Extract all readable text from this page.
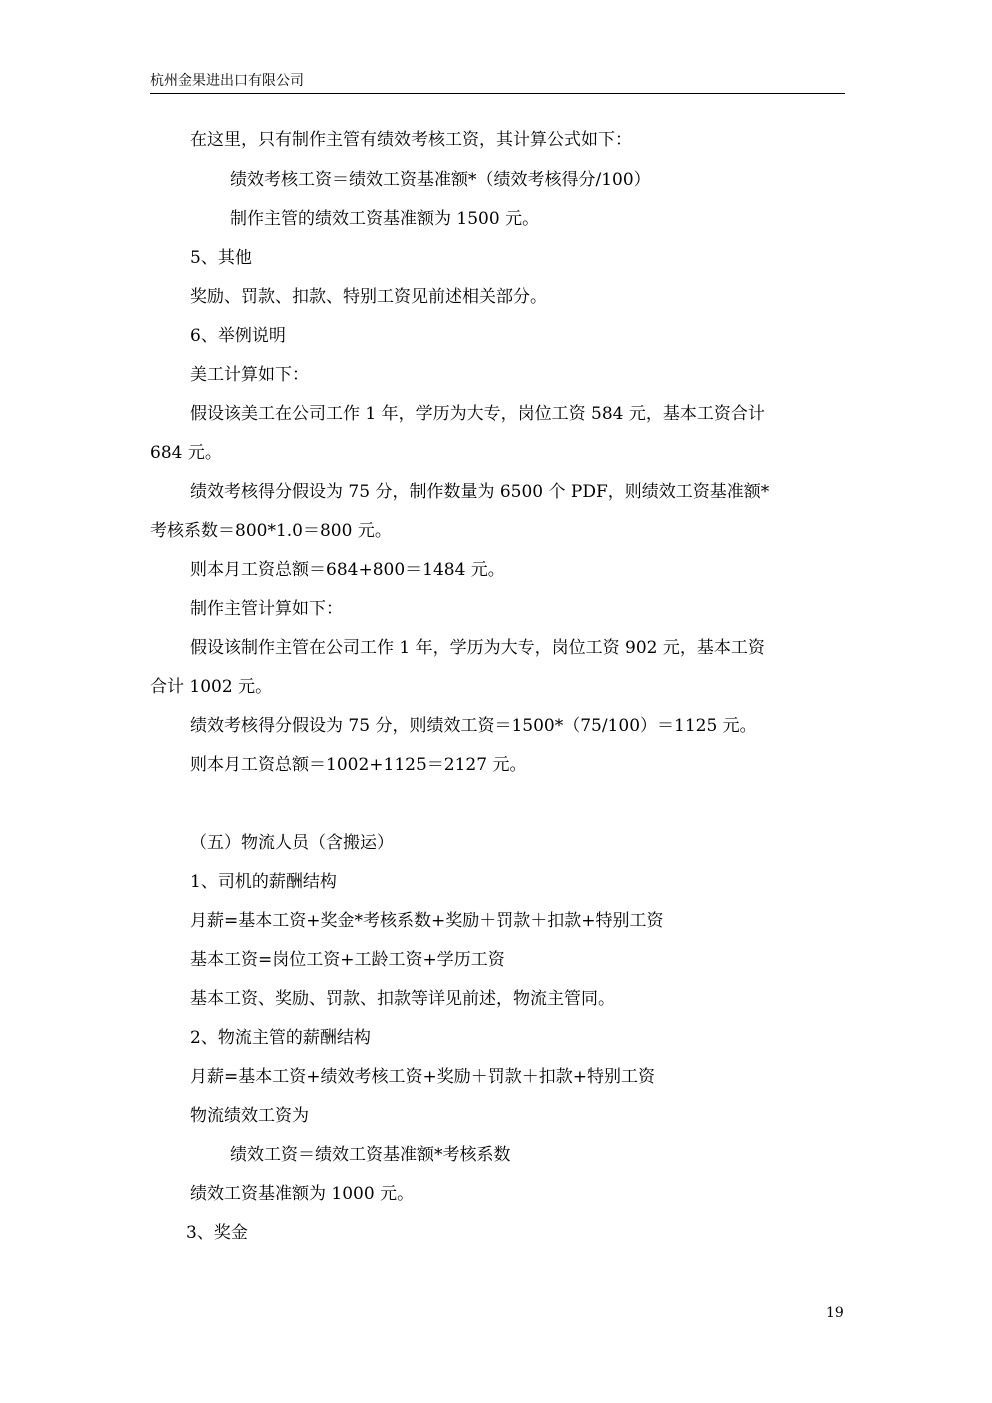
杭州金果进出口有限公司
在这里，只有制作主管有绩效考核工资，其计算公式如下：
绩效考核工资＝绩效工资基准额*（绩效考核得分/100）
制作主管的绩效工资基准额为 1500 元。
5、其他
奖励、罚款、扣款、特别工资见前述相关部分。
6、举例说明
美工计算如下：
假设该美工在公司工作 1 年，学历为大专，岗位工资 584 元，基本工资合计
684 元。
绩效考核得分假设为 75 分，制作数量为 6500 个 PDF，则绩效工资基准额*
考核系数＝800*1.0＝800 元。
则本月工资总额＝684+800＝1484 元。
制作主管计算如下：
假设该制作主管在公司工作 1 年，学历为大专，岗位工资 902 元，基本工资
合计 1002 元。
绩效考核得分假设为 75 分，则绩效工资＝1500*（75/100）＝1125 元。
则本月工资总额＝1002+1125＝2127 元。
（五）物流人员（含搬运）
1、司机的薪酬结构
月薪=基本工资+奖金*考核系数+奖励＋罚款＋扣款+特别工资
基本工资=岗位工资+工龄工资+学历工资
基本工资、奖励、罚款、扣款等详见前述，物流主管同。
2、物流主管的薪酬结构
月薪=基本工资+绩效考核工资+奖励＋罚款＋扣款+特别工资
物流绩效工资为
绩效工资＝绩效工资基准额*考核系数
绩效工资基准额为 1000 元。
3、奖金
19
